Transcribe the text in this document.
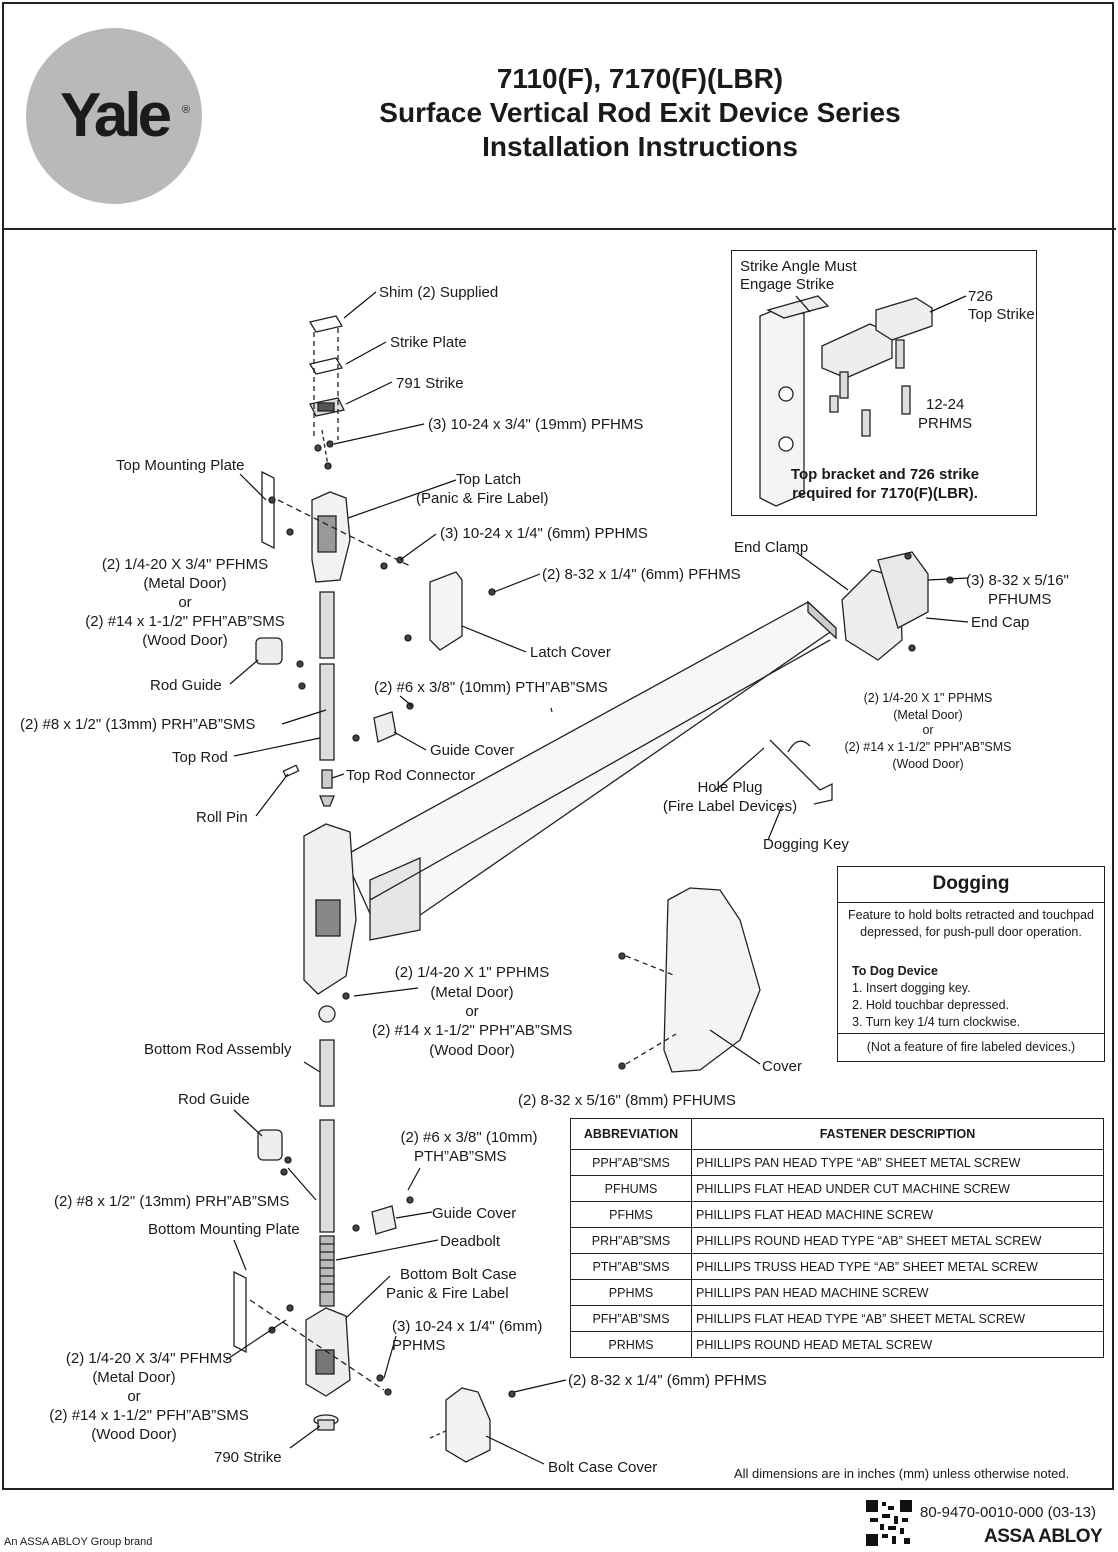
Yale	®
7110(F), 7170(F)(LBR)
Surface Vertical Rod Exit Device Series
Installation Instructions
Strike Angle Must
Engage Strike
726
Top Strike
12-24
PRHMS
Top bracket and 726 strike
required for 7170(F)(LBR).
Shim (2) Supplied
Strike Plate
791 Strike
(3) 10-24 x 3/4" (19mm) PFHMS
Top Mounting Plate
Top Latch
(Panic & Fire Label)
(3) 10-24 x 1/4" (6mm) PPHMS
(2) 1/4-20 X 3/4" PFHMS
(Metal Door)
or
(2) #14 x 1-1/2" PFH”AB”SMS
(Wood Door)
(2) 8-32 x 1/4" (6mm) PFHMS
Latch Cover
Rod Guide	(2) #6 x 3/8" (10mm) PTH”AB”SMS
(2) #8 x 1/2" (13mm) PRH”AB”SMS
Guide Cover
Top Rod
Top Rod Connector
Roll Pin
Hole Plug
(Fire Label Devices)
Dogging Key
End Clamp
(3) 8-32 x 5/16"
PFHUMS
End Cap
(2) 1/4-20 X 1" PPHMS
(Metal Door)
or
(2) #14 x 1-1/2" PPH”AB”SMS
(Wood Door)
(2) 1/4-20 X 1" PPHMS
(Metal Door)
or
(2) #14 x 1-1/2" PPH”AB”SMS
(Wood Door)
Bottom Rod Assembly
Cover
(2) 8-32 x 5/16" (8mm) PFHUMS
Rod Guide
(2) #6 x 3/8" (10mm)
PTH”AB”SMS
(2) #8 x 1/2" (13mm) PRH”AB”SMS
Guide Cover
Bottom Mounting Plate
Deadbolt
Bottom Bolt Case
Panic & Fire Label
(3) 10-24 x 1/4" (6mm)
PPHMS
(2) 1/4-20 X 3/4" PFHMS
(Metal Door)
or
(2) #14 x 1-1/2" PFH”AB”SMS
(Wood Door)
790 Strike
(2) 8-32 x 1/4" (6mm) PFHMS
Bolt Case Cover
Dogging
Feature to hold bolts retracted and touchpad depressed, for push-pull door operation.
To Dog Device
1. Insert dogging key.
2. Hold touchbar depressed.
3. Turn key 1/4 turn clockwise.
(Not a feature of fire labeled devices.)
ABBREVIATION	FASTENER DESCRIPTION
PPH”AB”SMS	PHILLIPS PAN HEAD TYPE “AB” SHEET METAL SCREW
PFHUMS	PHILLIPS FLAT HEAD UNDER CUT MACHINE SCREW
PFHMS	PHILLIPS FLAT HEAD MACHINE SCREW
PRH”AB”SMS	PHILLIPS ROUND HEAD TYPE “AB” SHEET METAL SCREW
PTH”AB”SMS	PHILLIPS TRUSS HEAD TYPE “AB” SHEET METAL SCREW
PPHMS	PHILLIPS PAN HEAD MACHINE SCREW
PFH”AB”SMS	PHILLIPS FLAT HEAD TYPE “AB” SHEET METAL SCREW
PRHMS	PHILLIPS ROUND HEAD METAL SCREW
All dimensions are in inches (mm) unless otherwise noted.
An ASSA ABLOY Group brand
80-9470-0010-000 (03-13)
ASSA ABLOY
